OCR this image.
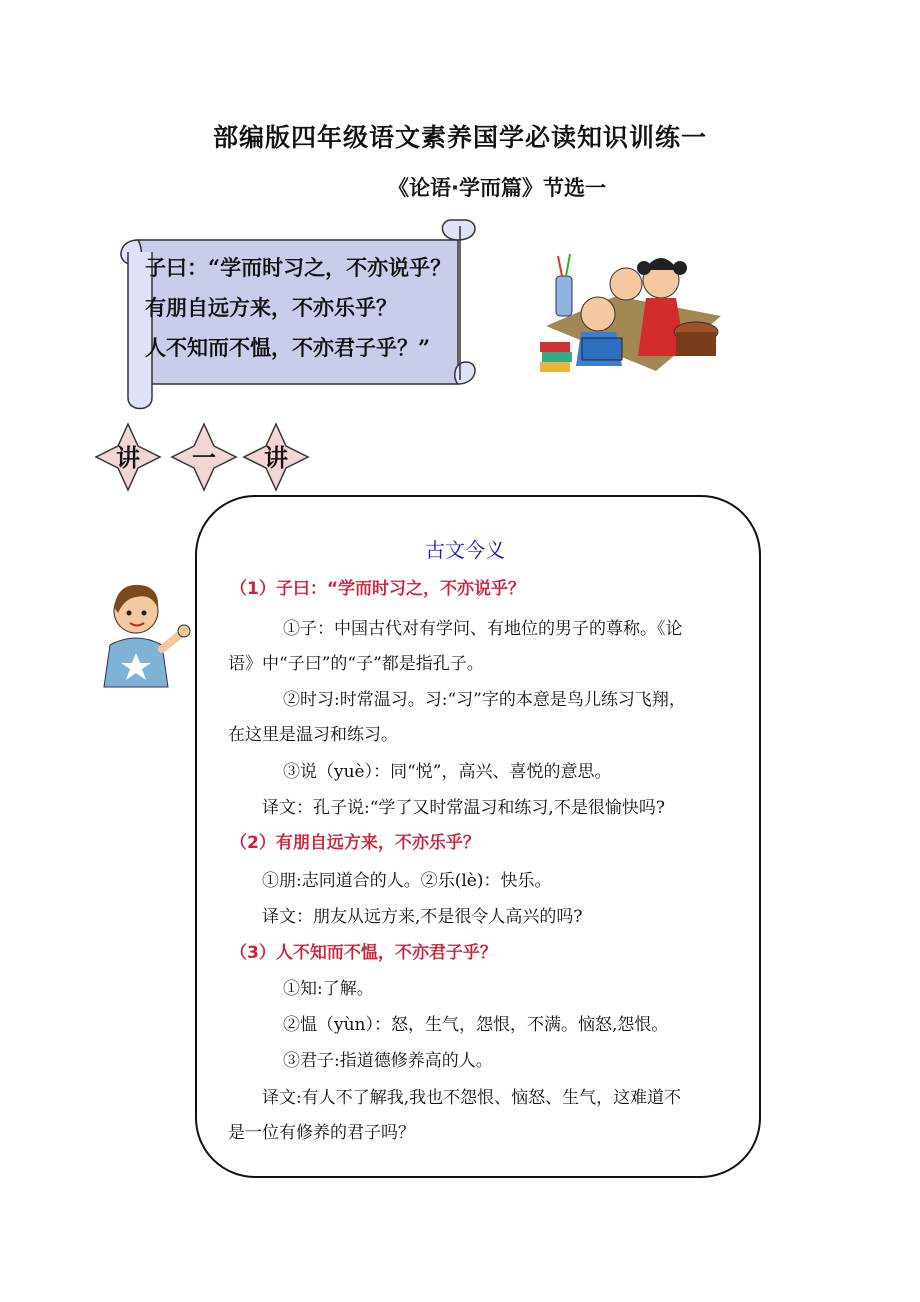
部编版四年级语文素养国学必读知识训练一
《论语·学而篇》节选一
子曰：“学而时习之，不亦说乎？
有朋自远方来，不亦乐乎？
人不知而不愠，不亦君子乎？”
讲	一	讲
古文今义
（1）子曰：“学而时习之，不亦说乎？
①子：中国古代对有学问、有地位的男子的尊称。《论
语》中“子曰”的“子”都是指孔子。
②时习:时常温习。习:“习”字的本意是鸟儿练习飞翔，
在这里是温习和练习。
③说（yuè）：同“悦”，高兴、喜悦的意思。
译文：孔子说:“学了又时常温习和练习,不是很愉快吗?
（2）有朋自远方来，不亦乐乎？
①朋:志同道合的人。②乐(lè)：快乐。
译文：朋友从远方来,不是很令人高兴的吗?
（3）人不知而不愠，不亦君子乎？
①知:了解。
②愠（yùn）：怒，生气，怨恨，不满。恼怒,怨恨。
③君子:指道德修养高的人。
译文:有人不了解我,我也不怨恨、恼怒、生气，这难道不
是一位有修养的君子吗？
